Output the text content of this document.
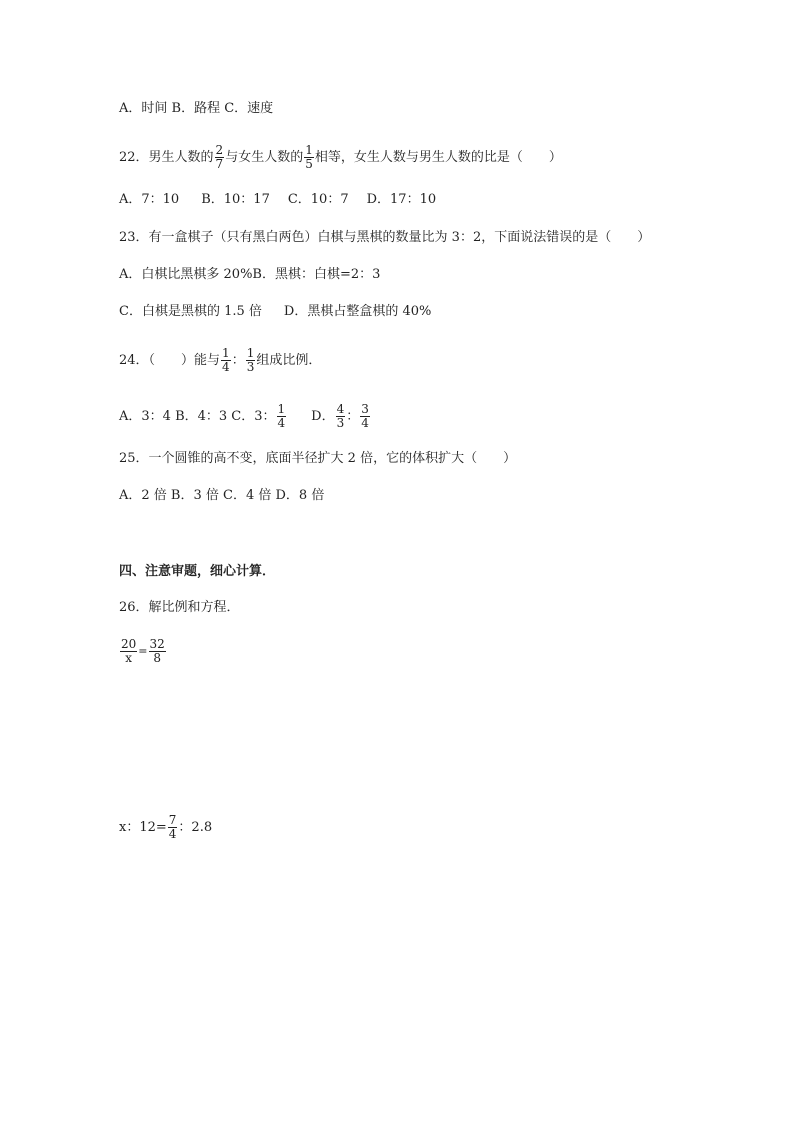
A．时间 B．路程 C．速度
22．男生人数的 $\frac{2}{7}$ 与女生人数的 $\frac{1}{5}$ 相等，女生人数与男生人数的比是（　　）
A．7：10 B．10：17 C．10：7 D．17：10
23．有一盒棋子（只有黑白两色）白棋与黑棋的数量比为 3：2，下面说法错误的是（　　）
A．白棋比黑棋多 20%B．黑棋：白棋=2：3
C．白棋是黑棋的 1.5 倍 D．黑棋占整盒棋的 40%
24．（　　）能与 $\frac{1}{4}$ ： $\frac{1}{3}$ 组成比例．
A．3：4 B．4：3 C．3： $\frac{1}{4}$ D． $\frac{4}{3}$ ： $\frac{3}{4}$
25．一个圆锥的高不变，底面半径扩大 2 倍，它的体积扩大（　　）
A．2 倍 B．3 倍 C．4 倍 D．8 倍
四、注意审题，细心计算．
26．解比例和方程．
$\frac{20}{x} = \frac{32}{8}$
x：$12= \frac{7}{4}$ ：2.8
